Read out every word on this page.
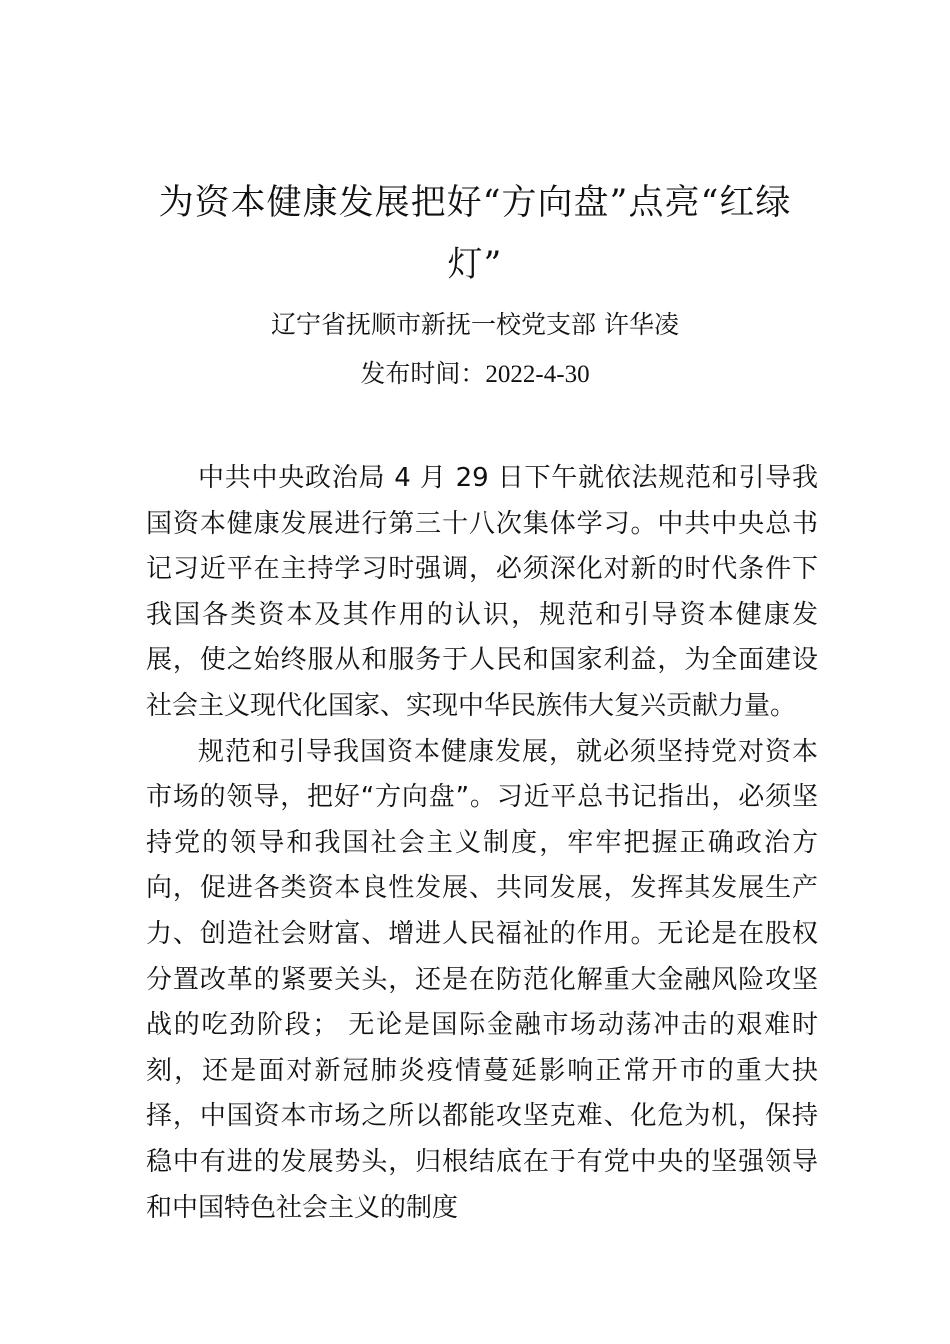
为资本健康发展把好“方向盘”点亮“红绿灯”
辽宁省抚顺市新抚一校党支部 许华凌
发布时间：2022-4-30

中共中央政治局 4 月 29 日下午就依法规范和引导我国资本健康发展进行第三十八次集体学习。中共中央总书记习近平在主持学习时强调，必须深化对新的时代条件下我国各类资本及其作用的认识，规范和引导资本健康发展，使之始终服从和服务于人民和国家利益，为全面建设社会主义现代化国家、实现中华民族伟大复兴贡献力量。

规范和引导我国资本健康发展，就必须坚持党对资本市场的领导，把好“方向盘”。习近平总书记指出，必须坚持党的领导和我国社会主义制度，牢牢把握正确政治方向，促进各类资本良性发展、共同发展，发挥其发展生产力、创造社会财富、增进人民福祉的作用。无论是在股权分置改革的紧要关头，还是在防范化解重大金融风险攻坚战的吃劲阶段； 无论是国际金融市场动荡冲击的艰难时刻，还是面对新冠肺炎疫情蔓延影响正常开市的重大抉择，中国资本市场之所以都能攻坚克难、化危为机，保持稳中有进的发展势头，归根结底在于有党中央的坚强领导和中国特色社会主义的制度
